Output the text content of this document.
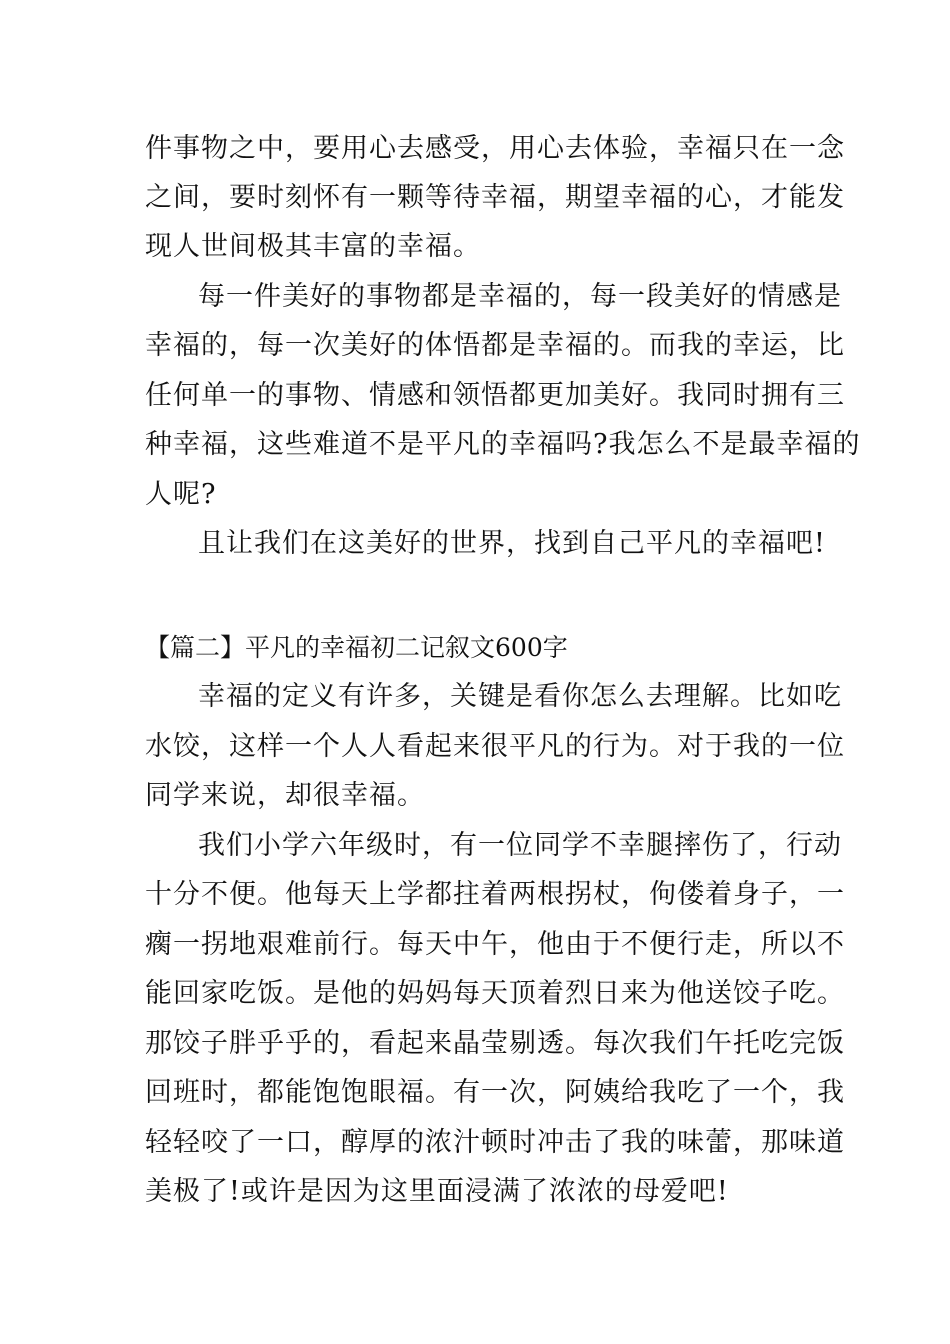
件事物之中，要用心去感受，用心去体验，幸福只在一念
之间，要时刻怀有一颗等待幸福，期望幸福的心，才能发
现人世间极其丰富的幸福。
每一件美好的事物都是幸福的，每一段美好的情感是
幸福的，每一次美好的体悟都是幸福的。而我的幸运，比
任何单一的事物、情感和领悟都更加美好。我同时拥有三
种幸福，这些难道不是平凡的幸福吗?我怎么不是最幸福的
人呢?
且让我们在这美好的世界，找到自己平凡的幸福吧!
【篇二】平凡的幸福初二记叙文600字
幸福的定义有许多，关键是看你怎么去理解。比如吃
水饺，这样一个人人看起来很平凡的行为。对于我的一位
同学来说，却很幸福。
我们小学六年级时，有一位同学不幸腿摔伤了，行动
十分不便。他每天上学都拄着两根拐杖，佝偻着身子，一
瘸一拐地艰难前行。每天中午，他由于不便行走，所以不
能回家吃饭。是他的妈妈每天顶着烈日来为他送饺子吃。
那饺子胖乎乎的，看起来晶莹剔透。每次我们午托吃完饭
回班时，都能饱饱眼福。有一次，阿姨给我吃了一个，我
轻轻咬了一口，醇厚的浓汁顿时冲击了我的味蕾，那味道
美极了!或许是因为这里面浸满了浓浓的母爱吧!
